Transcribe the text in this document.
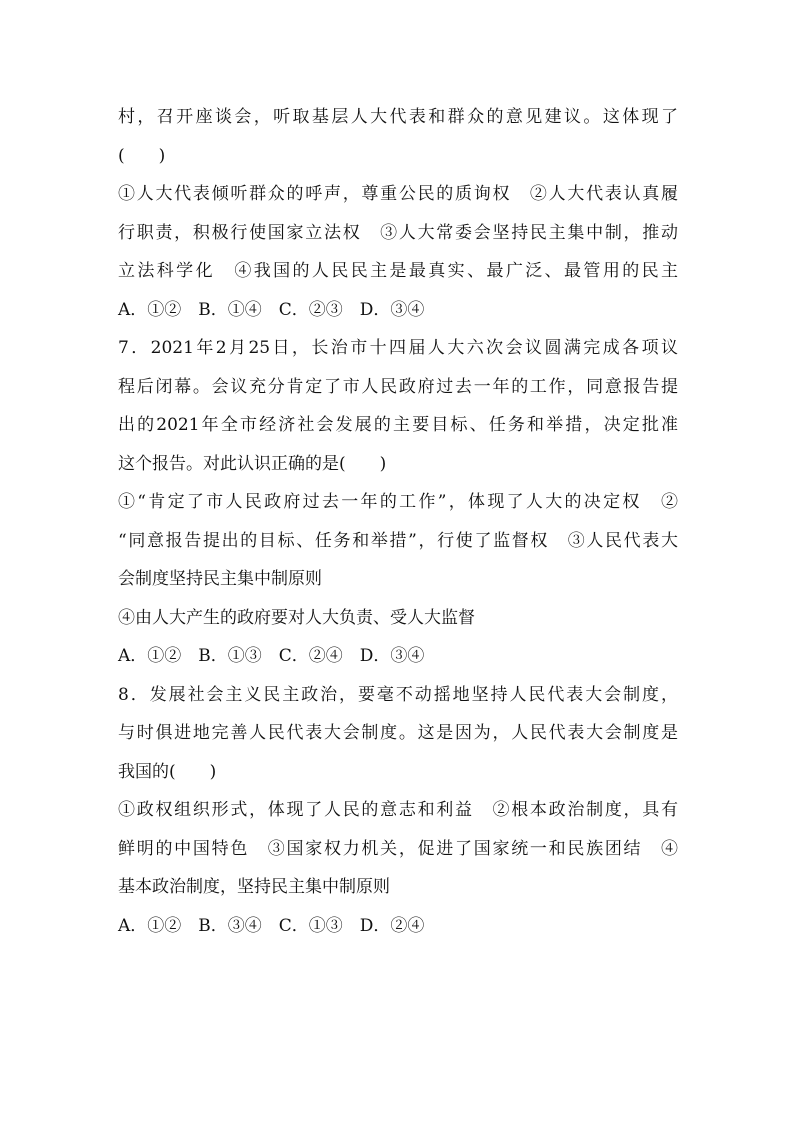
村，召开座谈会，听取基层人大代表和群众的意见建议。这体现了

(　　)

①人大代表倾听群众的呼声，尊重公民的质询权　②人大代表认真履

行职责，积极行使国家立法权　③人大常委会坚持民主集中制，推动

立法科学化　④我国的人民民主是最真实、最广泛、最管用的民主

A．①②　B．①④　C．②③　D．③④

7．2021年2月25日，长治市十四届人大六次会议圆满完成各项议

程后闭幕。会议充分肯定了市人民政府过去一年的工作，同意报告提

出的2021年全市经济社会发展的主要目标、任务和举措，决定批准

这个报告。对此认识正确的是(　　)

①“肯定了市人民政府过去一年的工作”，体现了人大的决定权　②

“同意报告提出的目标、任务和举措”，行使了监督权　③人民代表大

会制度坚持民主集中制原则

④由人大产生的政府要对人大负责、受人大监督

A．①②　B．①③　C．②④　D．③④

8．发展社会主义民主政治，要毫不动摇地坚持人民代表大会制度，

与时俱进地完善人民代表大会制度。这是因为，人民代表大会制度是

我国的(　　)

①政权组织形式，体现了人民的意志和利益　②根本政治制度，具有

鲜明的中国特色　③国家权力机关，促进了国家统一和民族团结　④

基本政治制度，坚持民主集中制原则

A．①②　B．③④　C．①③　D．②④
